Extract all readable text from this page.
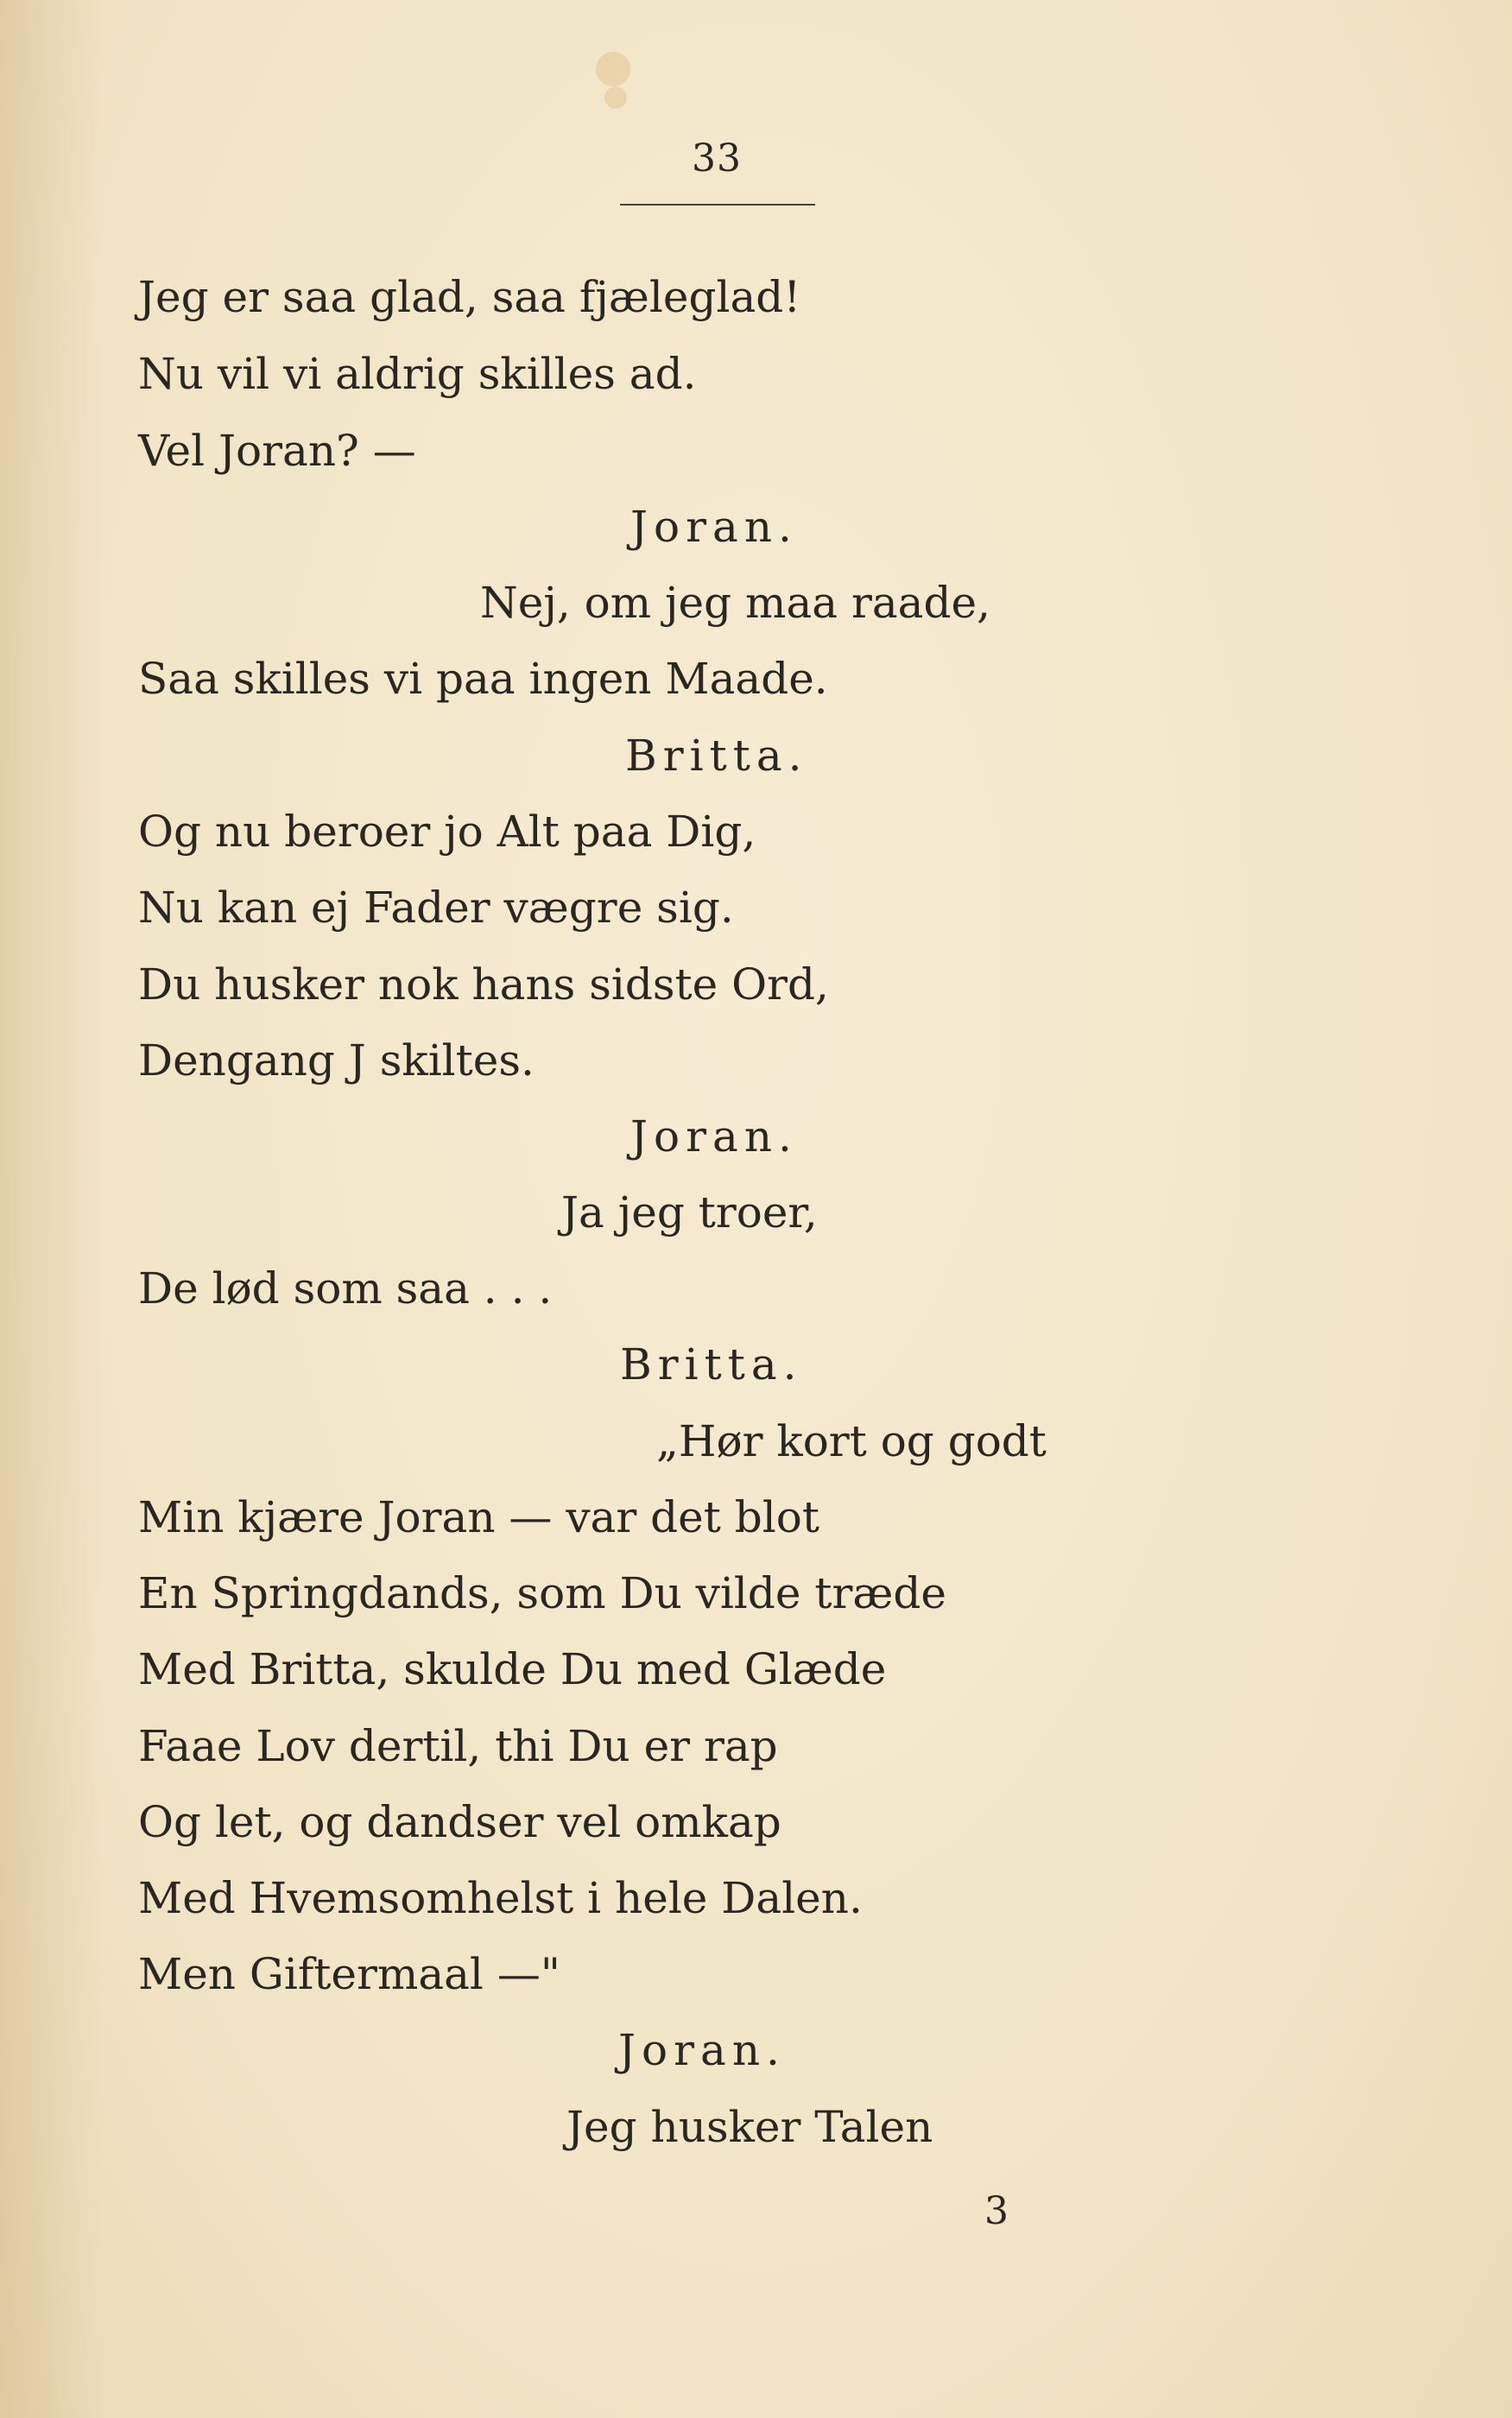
33
Jeg er saa glad, saa fjæleglad!
Nu vil vi aldrig skilles ad.
Vel Joran? —
Joran.
Nej, om jeg maa raade,
Saa skilles vi paa ingen Maade.
Britta.
Og nu beroer jo Alt paa Dig,
Nu kan ej Fader vægre sig.
Du husker nok hans sidste Ord,
Dengang J skiltes.
Joran.
Ja jeg troer,
De lød som saa . . .
Britta.
„Hør kort og godt
Min kjære Joran — var det blot
En Springdands, som Du vilde træde
Med Britta, skulde Du med Glæde
Faae Lov dertil, thi Du er rap
Og let, og dandser vel omkap
Med Hvemsomhelst i hele Dalen.
Men Giftermaal —"
Joran.
Jeg husker Talen
3
